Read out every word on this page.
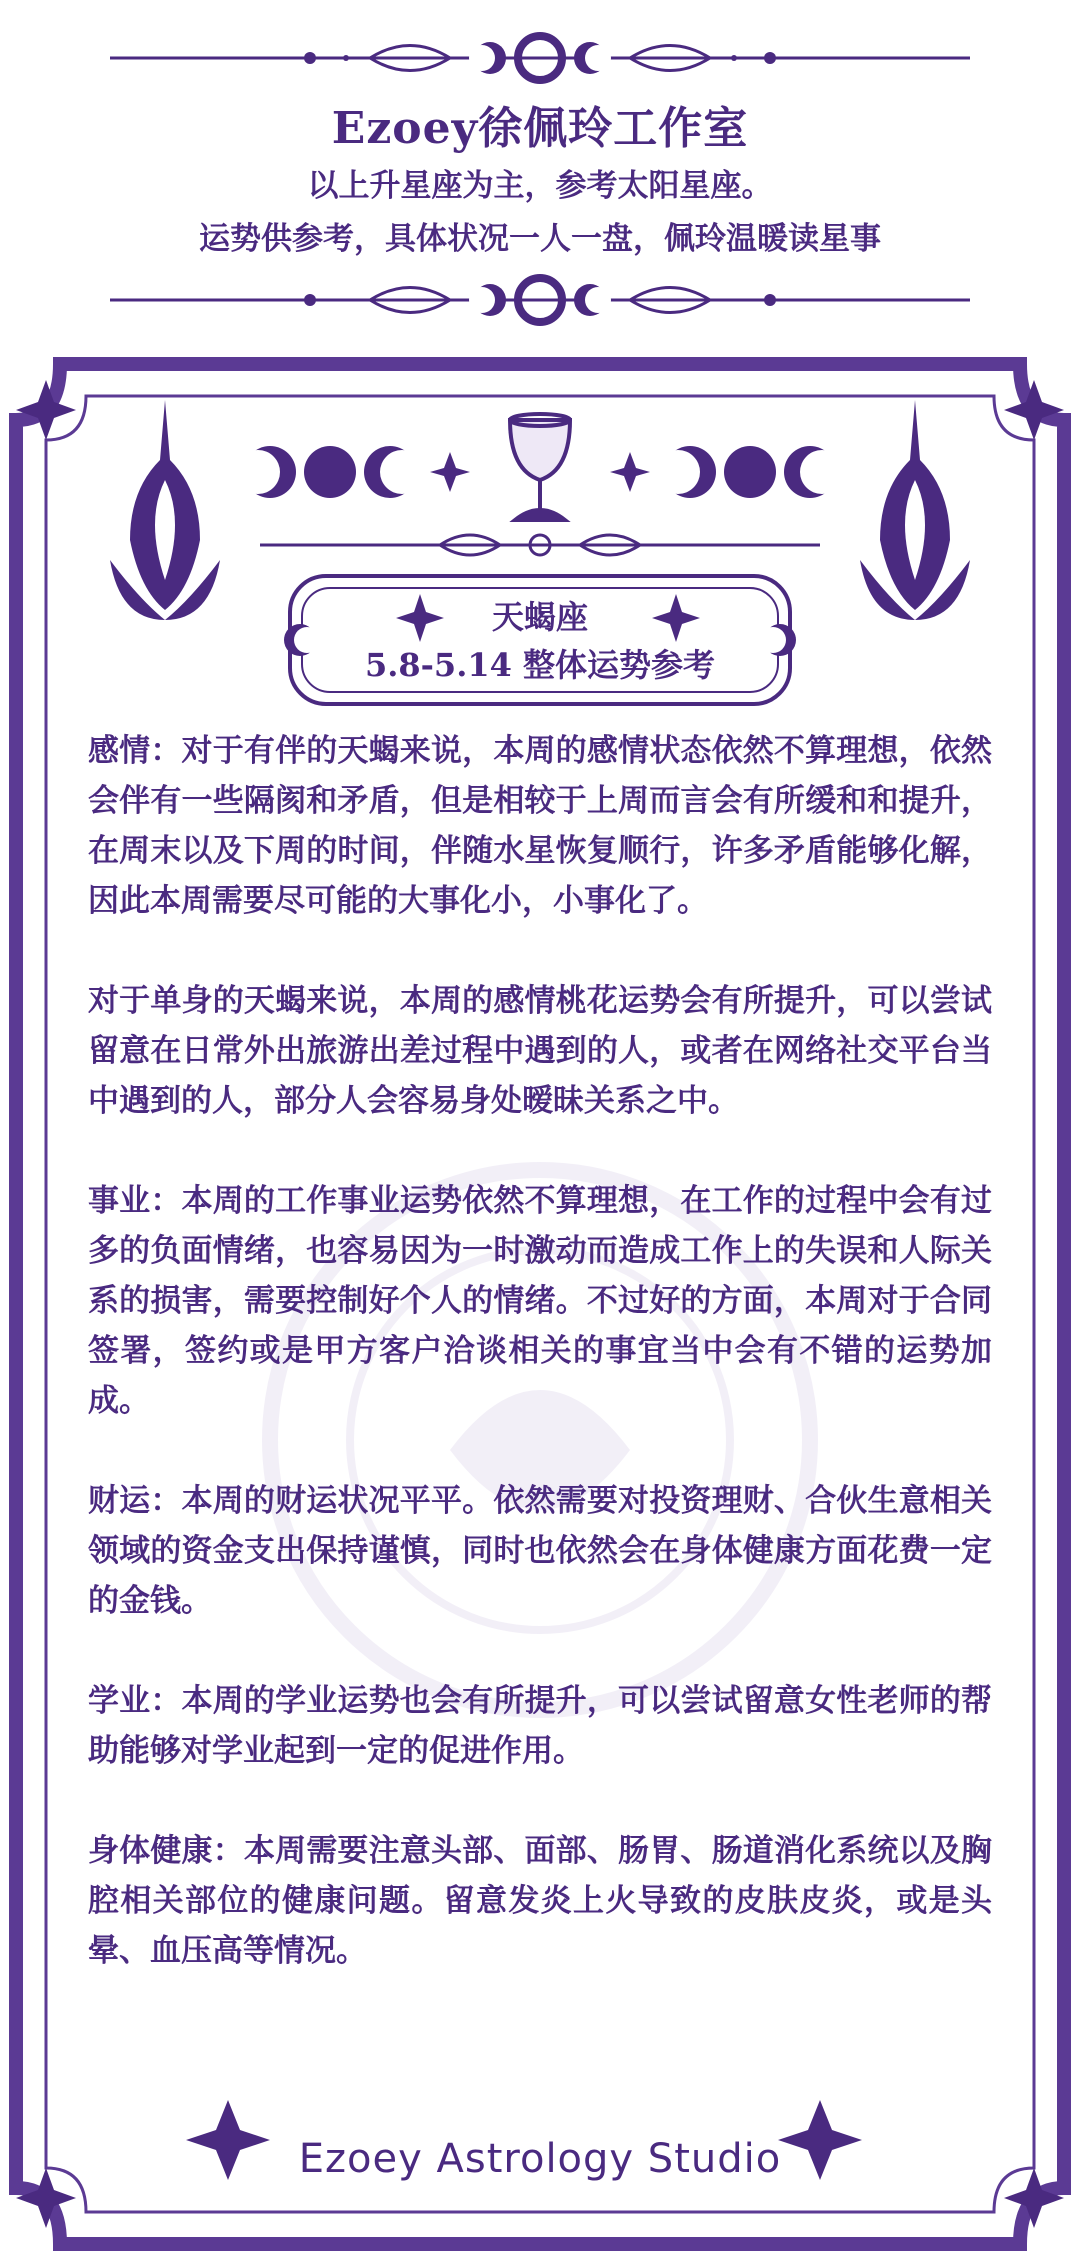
Ezoey徐佩玲工作室
以上升星座为主，参考太阳星座。
运势供参考，具体状况一人一盘，佩玲温暖读星事
天蝎座
5.8-5.14 整体运势参考

感情：对于有伴的天蝎来说，本周的感情状态依然不算理想，依然会伴有一些隔阂和矛盾，但是相较于上周而言会有所缓和和提升，在周末以及下周的时间，伴随水星恢复顺行，许多矛盾能够化解，因此本周需要尽可能的大事化小，小事化了。

对于单身的天蝎来说，本周的感情桃花运势会有所提升，可以尝试留意在日常外出旅游出差过程中遇到的人，或者在网络社交平台当中遇到的人，部分人会容易身处暧昧关系之中。

事业：本周的工作事业运势依然不算理想，在工作的过程中会有过多的负面情绪，也容易因为一时激动而造成工作上的失误和人际关系的损害，需要控制好个人的情绪。不过好的方面，本周对于合同签署，签约或是甲方客户洽谈相关的事宜当中会有不错的运势加成。

财运：本周的财运状况平平。依然需要对投资理财、合伙生意相关领域的资金支出保持谨慎，同时也依然会在身体健康方面花费一定的金钱。

学业：本周的学业运势也会有所提升，可以尝试留意女性老师的帮助能够对学业起到一定的促进作用。

身体健康：本周需要注意头部、面部、肠胃、肠道消化系统以及胸腔相关部位的健康问题。留意发炎上火导致的皮肤皮炎，或是头晕、血压高等情况。

Ezoey Astrology Studio
